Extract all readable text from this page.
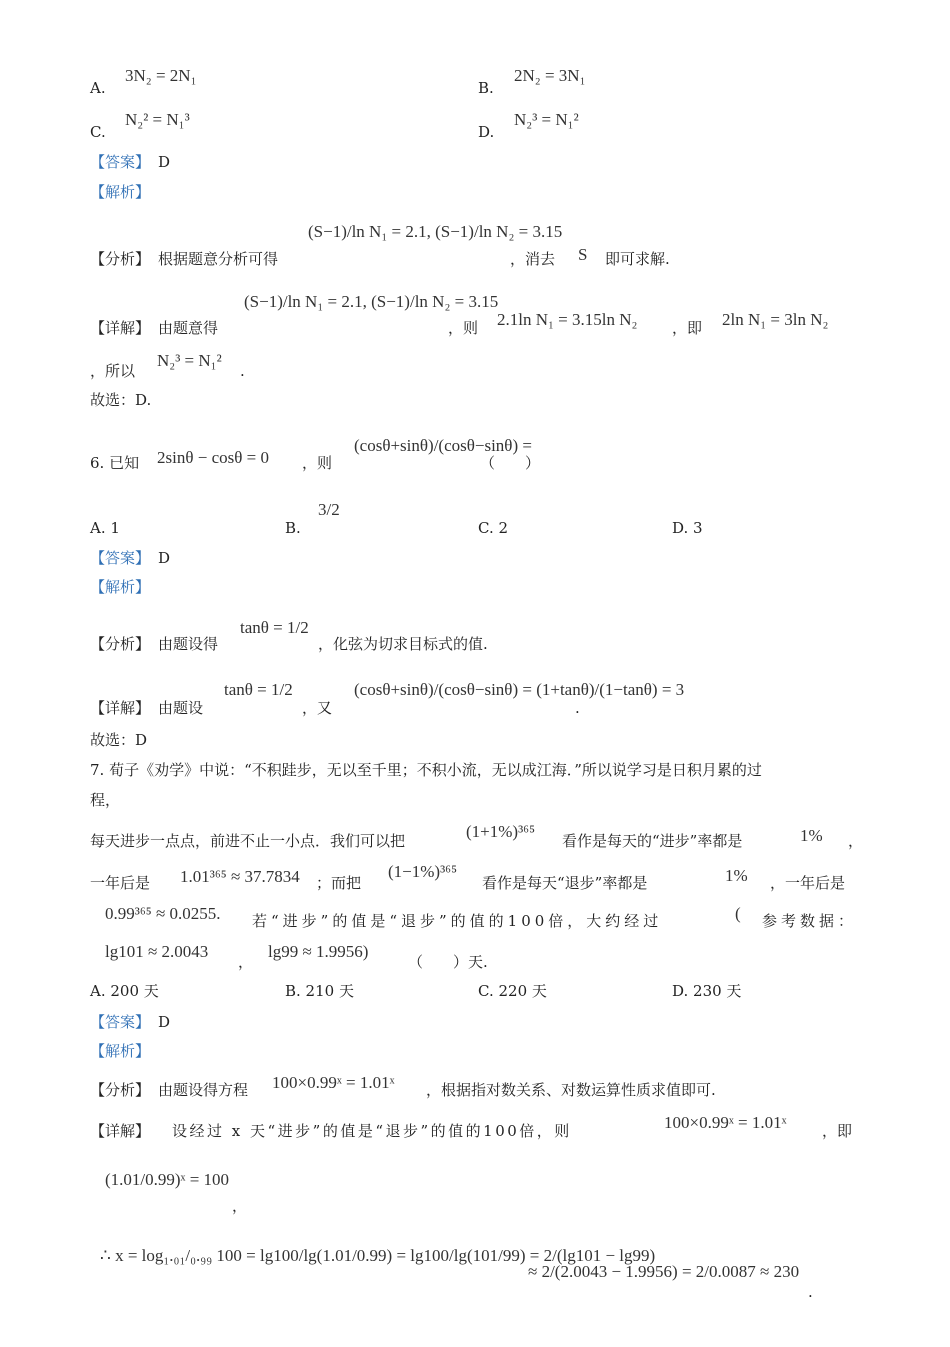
A.
3N₂ = 2N₁
B.
2N₂ = 3N₁
C.
N₂² = N₁³
D.
N₂³ = N₁²
【答案】 D
【解析】
【分析】 根据题意分析可得
(S−1)/ln N₁ = 2.1, (S−1)/ln N₂ = 3.15
，消去 S 即可求解.
【详解】 由题意得
(S−1)/ln N₁ = 2.1, (S−1)/ln N₂ = 3.15
，则 2.1ln N₁ = 3.15ln N₂ ，即 2ln N₁ = 3ln N₂
，所以
N₂³ = N₁²
.
故选：D.
6. 已知 2sinθ − cosθ = 0 ，则
(cosθ+sinθ)/(cosθ−sinθ) =
（　　）
A. 1	B.
3/2
C. 2	D. 3
【答案】 D
【解析】
【分析】 由题设得
tanθ = 1/2
，化弦为切求目标式的值.
【详解】 由题设
tanθ = 1/2
，又
(cosθ+sinθ)/(cosθ−sinθ) = (1+tanθ)/(1−tanθ) = 3
.
故选：D
7. 荀子《劝学》中说：“不积跬步，无以至千里；不积小流，无以成江海．”所以说学习是日积月累的过
程，
每天进步一点点，前进不止一小点．我们可以把	(1+1%)³⁶⁵ 看作是每天的“进步”率都是	1% ，
一年后是 1.01³⁶⁵ ≈ 37.7834 ；而把
(1−1%)³⁶⁵
看作是每天“退步”率都是	1% ，一年后是
0.99³⁶⁵ ≈ 0.0255. 若“进步”的值是“退步”的值的100倍，大约经过	( 参考数据：
lg101 ≈ 2.0043
，
lg99 ≈ 1.9956)
（　　）天.
A. 200 天	B. 210 天	C. 220 天	D. 230 天
【答案】 D
【解析】
【分析】 由题设得方程 100×0.99ˣ = 1.01ˣ ，根据指对数关系、对数运算性质求值即可.
【详解】 设经过 x 天“进步”的值是“退步”的值的100倍，则	100×0.99ˣ = 1.01ˣ ，即
(1.01/0.99)ˣ = 100
，
∴ x = log₁.₀₁/₀.₉₉ 100 = lg100/lg(1.01/0.99) = lg100/lg(101/99) = 2/(lg101 − lg99)
≈ 2/(2.0043 − 1.9956) = 2/0.0087 ≈ 230
.
